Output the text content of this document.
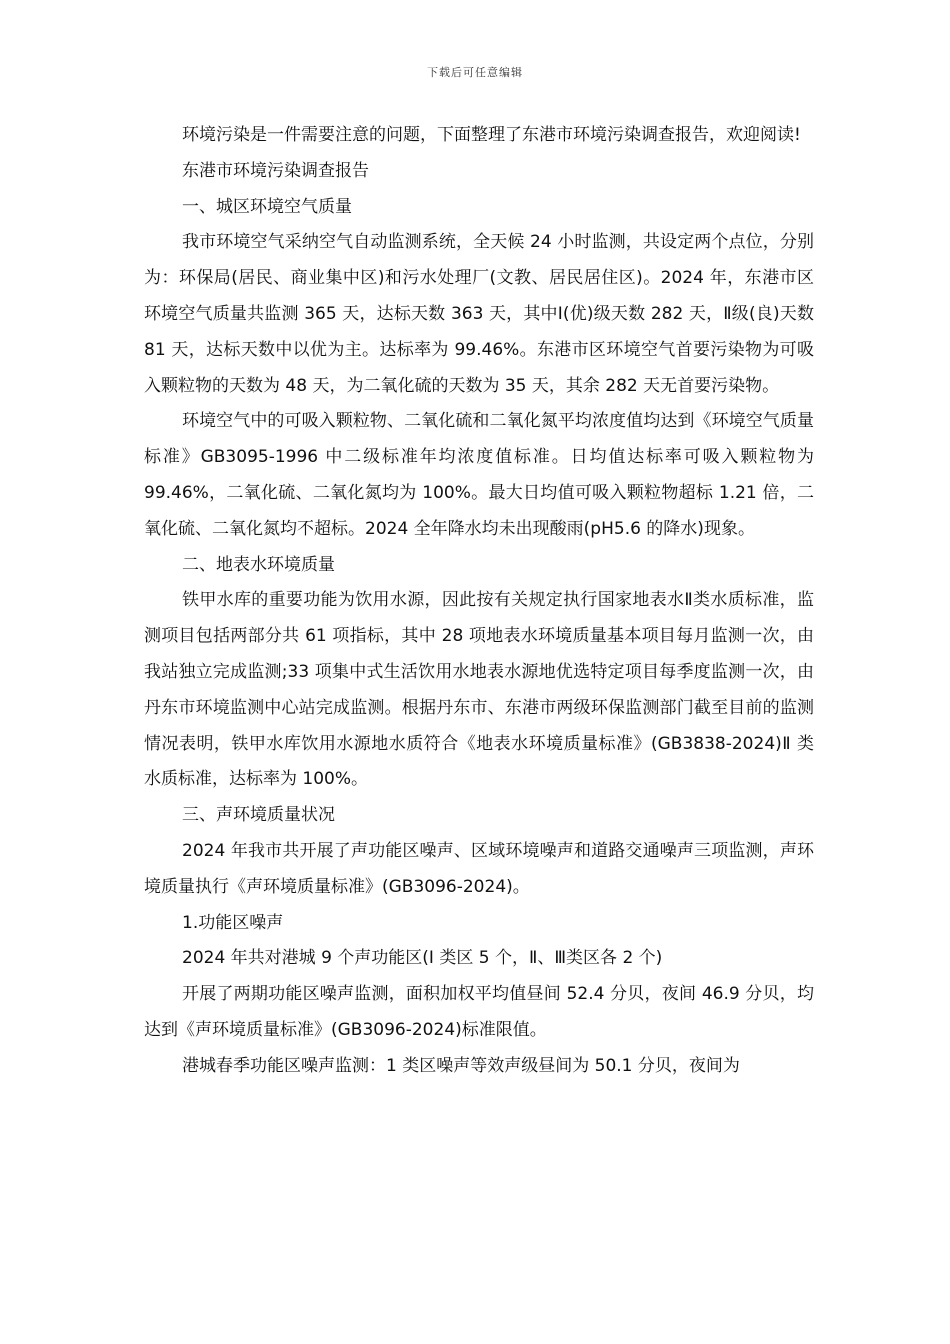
下载后可任意编辑

环境污染是一件需要注意的问题，下面整理了东港市环境污染调查报告，欢迎阅读!

东港市环境污染调查报告

一、城区环境空气质量

我市环境空气采纳空气自动监测系统，全天候 24 小时监测，共设定两个点位，分别为：环保局(居民、商业集中区)和污水处理厂(文教、居民居住区)。2024 年，东港市区环境空气质量共监测 365 天，达标天数 363 天，其中Ⅰ(优)级天数 282 天，Ⅱ级(良)天数 81 天，达标天数中以优为主。达标率为 99.46%。东港市区环境空气首要污染物为可吸入颗粒物的天数为 48 天，为二氧化硫的天数为 35 天，其余 282 天无首要污染物。

环境空气中的可吸入颗粒物、二氧化硫和二氧化氮平均浓度值均达到《环境空气质量标准》GB3095-1996 中二级标准年均浓度值标准。日均值达标率可吸入颗粒物为 99.46%，二氧化硫、二氧化氮均为 100%。最大日均值可吸入颗粒物超标 1.21 倍，二氧化硫、二氧化氮均不超标。2024 全年降水均未出现酸雨(pH5.6 的降水)现象。

二、地表水环境质量

铁甲水库的重要功能为饮用水源，因此按有关规定执行国家地表水Ⅱ类水质标准，监测项目包括两部分共 61 项指标，其中 28 项地表水环境质量基本项目每月监测一次，由我站独立完成监测;33 项集中式生活饮用水地表水源地优选特定项目每季度监测一次，由丹东市环境监测中心站完成监测。根据丹东市、东港市两级环保监测部门截至目前的监测情况表明，铁甲水库饮用水源地水质符合《地表水环境质量标准》(GB3838-2024)Ⅱ 类水质标准，达标率为 100%。

三、声环境质量状况

2024 年我市共开展了声功能区噪声、区域环境噪声和道路交通噪声三项监测，声环境质量执行《声环境质量标准》(GB3096-2024)。

1.功能区噪声

2024 年共对港城 9 个声功能区(Ⅰ 类区 5 个，Ⅱ、Ⅲ类区各 2 个)

开展了两期功能区噪声监测，面积加权平均值昼间 52.4 分贝，夜间 46.9 分贝，均达到《声环境质量标准》(GB3096-2024)标准限值。

港城春季功能区噪声监测：1 类区噪声等效声级昼间为 50.1 分贝，夜间为
